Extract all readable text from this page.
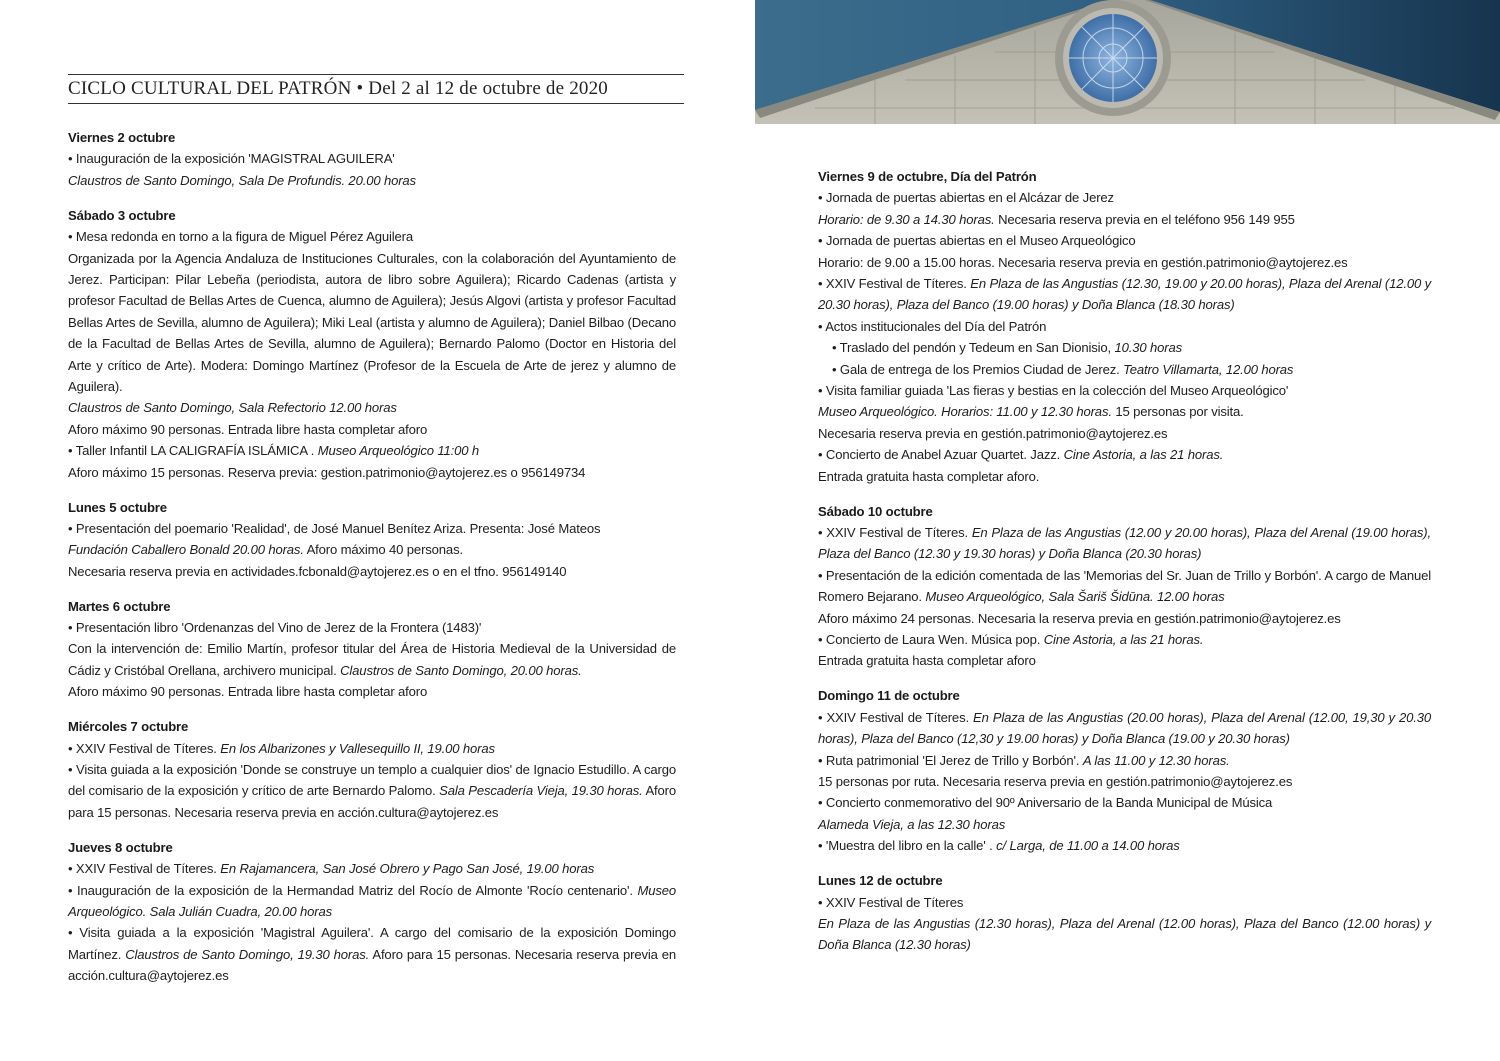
CICLO CULTURAL DEL PATRÓN • Del 2 al 12 de octubre de 2020
Viernes 2 octubre
• Inauguración de la exposición 'MAGISTRAL AGUILERA'
Claustros de Santo Domingo, Sala De Profundis. 20.00 horas
Sábado 3 octubre
• Mesa redonda en torno a la figura de Miguel Pérez Aguilera
Organizada por la Agencia Andaluza de Instituciones Culturales, con la colaboración del Ayuntamiento de Jerez. Participan: Pilar Lebeña (periodista, autora de libro sobre Aguilera); Ricardo Cadenas (artista y profesor Facultad de Bellas Artes de Cuenca, alumno de Aguilera); Jesús Algovi (artista y profesor Facultad Bellas Artes de Sevilla, alumno de Aguilera); Miki Leal (artista y alumno de Aguilera); Daniel Bilbao (Decano de la Facultad de Bellas Artes de Sevilla, alumno de Aguilera); Bernardo Palomo (Doctor en Historia del Arte y crítico de Arte). Modera: Domingo Martínez (Profesor de la Escuela de Arte de jerez y alumno de Aguilera).
Claustros de Santo Domingo, Sala Refectorio 12.00 horas
Aforo máximo 90 personas. Entrada libre hasta completar aforo
• Taller Infantil LA CALIGRAFÍA ISLÁMICA . Museo Arqueológico 11:00 h
Aforo máximo 15 personas. Reserva previa: gestion.patrimonio@aytojerez.es o 956149734
Lunes 5 octubre
• Presentación del poemario 'Realidad', de José Manuel Benítez Ariza. Presenta: José Mateos
Fundación Caballero Bonald 20.00 horas. Aforo máximo 40 personas.
Necesaria reserva previa en actividades.fcbonald@aytojerez.es o en el tfno. 956149140
Martes 6 octubre
• Presentación libro 'Ordenanzas del Vino de Jerez de la Frontera (1483)'
Con la intervención de: Emilio Martín, profesor titular del Área de Historia Medieval de la Universidad de Cádiz y Cristóbal Orellana, archivero municipal. Claustros de Santo Domingo, 20.00 horas.
Aforo máximo 90 personas. Entrada libre hasta completar aforo
Miércoles 7 octubre
• XXIV Festival de Títeres. En los Albarizones y Vallesequillo II, 19.00 horas
• Visita guiada a la exposición 'Donde se construye un templo a cualquier dios' de Ignacio Estudillo. A cargo del comisario de la exposición y crítico de arte Bernardo Palomo. Sala Pescadería Vieja, 19.30 horas. Aforo para 15 personas. Necesaria reserva previa en acción.cultura@aytojerez.es
Jueves 8 octubre
• XXIV Festival de Títeres. En Rajamancera, San José Obrero y Pago San José, 19.00 horas
• Inauguración de la exposición de la Hermandad Matriz del Rocío de Almonte 'Rocío centenario'. Museo Arqueológico. Sala Julián Cuadra, 20.00 horas
• Visita guiada a la exposición 'Magistral Aguilera'. A cargo del comisario de la exposición Domingo Martínez. Claustros de Santo Domingo, 19.30 horas. Aforo para 15 personas. Necesaria reserva previa en acción.cultura@aytojerez.es
Viernes 9 de octubre, Día del Patrón
• Jornada de puertas abiertas en el Alcázar de Jerez
Horario: de 9.30 a 14.30 horas. Necesaria reserva previa en el teléfono 956 149 955
• Jornada de puertas abiertas en el Museo Arqueológico
Horario: de 9.00 a 15.00 horas. Necesaria reserva previa en gestión.patrimonio@aytojerez.es
• XXIV Festival de Títeres. En Plaza de las Angustias (12.30, 19.00 y 20.00 horas), Plaza del Arenal (12.00 y 20.30 horas), Plaza del Banco (19.00 horas) y Doña Blanca (18.30 horas)
• Actos institucionales del Día del Patrón
• Traslado del pendón y Tedeum en San Dionisio, 10.30 horas
• Gala de entrega de los Premios Ciudad de Jerez. Teatro Villamarta, 12.00 horas
• Visita familiar guiada 'Las fieras y bestias en la colección del Museo Arqueológico'
Museo Arqueológico. Horarios: 11.00 y 12.30 horas. 15 personas por visita.
Necesaria reserva previa en gestión.patrimonio@aytojerez.es
• Concierto de Anabel Azuar Quartet. Jazz. Cine Astoria, a las 21 horas.
Entrada gratuita hasta completar aforo.
Sábado 10 octubre
• XXIV Festival de Títeres. En Plaza de las Angustias (12.00 y 20.00 horas), Plaza del Arenal (19.00 horas), Plaza del Banco (12.30 y 19.30 horas) y Doña Blanca (20.30 horas)
• Presentación de la edición comentada de las 'Memorias del Sr. Juan de Trillo y Borbón'. A cargo de Manuel Romero Bejarano. Museo Arqueológico, Sala Šariš Šidūna. 12.00 horas
Aforo máximo 24 personas. Necesaria la reserva previa en gestión.patrimonio@aytojerez.es
• Concierto de Laura Wen. Música pop. Cine Astoria, a las 21 horas.
Entrada gratuita hasta completar aforo
Domingo 11 de octubre
• XXIV Festival de Títeres. En Plaza de las Angustias (20.00 horas), Plaza del Arenal (12.00, 19,30 y 20.30 horas), Plaza del Banco (12,30 y 19.00 horas) y Doña Blanca (19.00 y 20.30 horas)
• Ruta patrimonial 'El Jerez de Trillo y Borbón'. A las 11.00 y 12.30 horas.
15 personas por ruta. Necesaria reserva previa en gestión.patrimonio@aytojerez.es
• Concierto conmemorativo del 90º Aniversario de la Banda Municipal de Música
Alameda Vieja, a las 12.30 horas
• 'Muestra del libro en la calle' . c/ Larga, de 11.00 a 14.00 horas
Lunes 12 de octubre
• XXIV Festival de Títeres
En Plaza de las Angustias (12.30 horas), Plaza del Arenal (12.00 horas), Plaza del Banco (12.00 horas) y Doña Blanca (12.30 horas)
